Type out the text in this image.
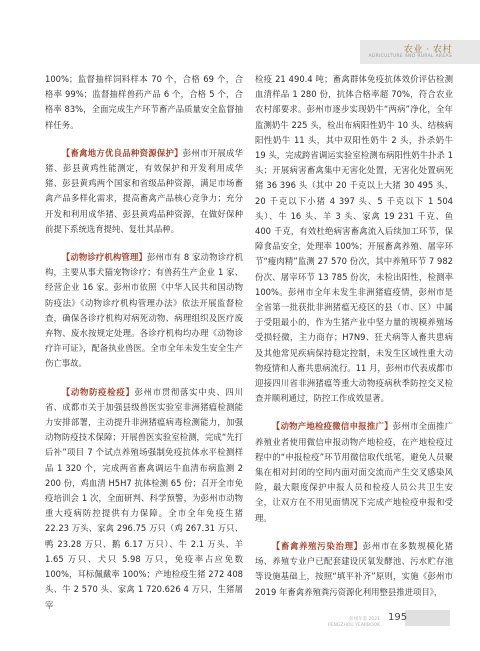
农业 · 农村
AGRICULTURE AND RURAL AREAS

100%；监督抽样饲料样本 70 个，合格 69 个，合格率 99%；监督抽样兽药产品 6 个，合格 5 个，合格率 83%，全面完成生产环节畜产品质量安全监督抽样任务。

【畜禽地方优良品种资源保护】彭州市开展成华猪、彭县黄鸡性能测定，有效保护和开发利用成华猪、彭县黄鸡两个国家和省级品种资源，满足市场畜禽产品多样化需求，提高畜禽产品核心竞争力；充分开发和利用成华猪、彭县黄鸡品种资源，在做好保种前提下系统选育提纯、复壮其品种。

【动物诊疗机构管理】彭州市有 8 家动物诊疗机构，主要从事犬猫宠物诊疗；有兽药生产企业 1 家、经营企业 16 家。彭州市依照《中华人民共和国动物防疫法》《动物诊疗机构管理办法》依法开展监督检查，确保各诊疗机构对病死动物、病理组织及医疗废弃物、废水按规定处理。各诊疗机构均办理《动物诊疗许可证》，配备执业兽医。全市全年未发生安全生产伤亡事故。

【动物防疫检疫】彭州市贯彻落实中央、四川省、成都市关于加强县级兽医实验室非洲猪瘟检测能力安排部署，主动提升非洲猪瘟病毒检测能力，加强动物防疫技术保障；开展兽医实验室检测，完成“先打后补”项目 7 个试点养殖场强制免疫抗体水平检测样品 1 320 个，完成两省畜禽调运牛血清布病监测 2 200 份，鸡血清 H5H7 抗体检测 65 份；召开全市免疫培训会 1 次，全面研判、科学预警，为彭州市动物重大疫病防控提供有力保障。全市全年免疫生猪 22.23 万头、家禽 296.75 万只（鸡 267.31 万只、鸭 23.28 万只、鹅 6.17 万只）、牛 2.1 万头、羊 1.65 万只、犬只 5.98 万只，免疫率占应免数 100%，耳标佩戴率 100%；产地检疫生猪 272 408 头、牛 2 570 头、家禽 1 720.626 4 万只，生猪屠宰

检疫 21 490.4 吨；畜禽群体免疫抗体效价评估检测血清样品 1 280 份，抗体合格率超 70%，符合农业农村部要求。彭州市逐步实现奶牛“两病”净化，全年监测奶牛 225 头，检出布病阳性奶牛 10 头、结核病阳性奶牛 11 头，其中双阳性奶牛 2 头，扑杀奶牛 19 头，完成跨省调运实验室检测布病阳性奶牛扑杀 1 头；开展病害畜禽集中无害化处置，无害化处置病死猪 36 396 头（其中 20 千克以上大猪 30 495 头、20 千克以下小猪 4 397 头、5 千克以下 1 504 头）、牛 16 头、羊 3 头、家禽 19 231 千克、鱼 400 千克，有效杜绝病害畜禽流入后续加工环节，保障食品安全，处理率 100%；开展畜禽养殖、屠宰环节“瘦肉精”监测 27 570 份次，其中养殖环节 7 982 份次、屠宰环节 13 785 份次，未检出阳性，检测率 100%。彭州市全年未发生非洲猪瘟疫情，彭州市是全省第一批获批非洲猪瘟无疫区的县（市、区）中属于受阻最小的，作为生猪产业中坚力量的规模养殖场受损轻微，主力商存；H7N9、狂犬病等人畜共患病及其他常见疾病保持稳定控制，未发生区域性重大动物疫情和人畜共患病流行。11 月，彭州市代表成都市迎接四川省非洲猪瘟等重大动物疫病秋季防控交叉检查并顺利通过，防控工作成效显著。

【动物产地检疫微信申报推广】彭州市全面推广养殖业者使用微信申报动物产地检疫，在产地检疫过程中的“申报检疫”环节用微信取代纸笔，避免人员聚集在相对封闭的空间内面对面交流而产生交叉感染风险，最大限度保护申报人员和检疫人员公共卫生安全，让双方在不用见面情况下完成产地检疫申报和受理。

【畜禽养殖污染治理】彭州市在多数规模化猪场、养殖专业户已配套建设厌氧发酵池、污水贮存池等设施基础上，按照“填平补齐”原则，实施《彭州市 2019 年畜禽养殖粪污资源化利用整县推进项目》，

彭州年鉴 2021
PENGZHOU YEARBOOK
195
